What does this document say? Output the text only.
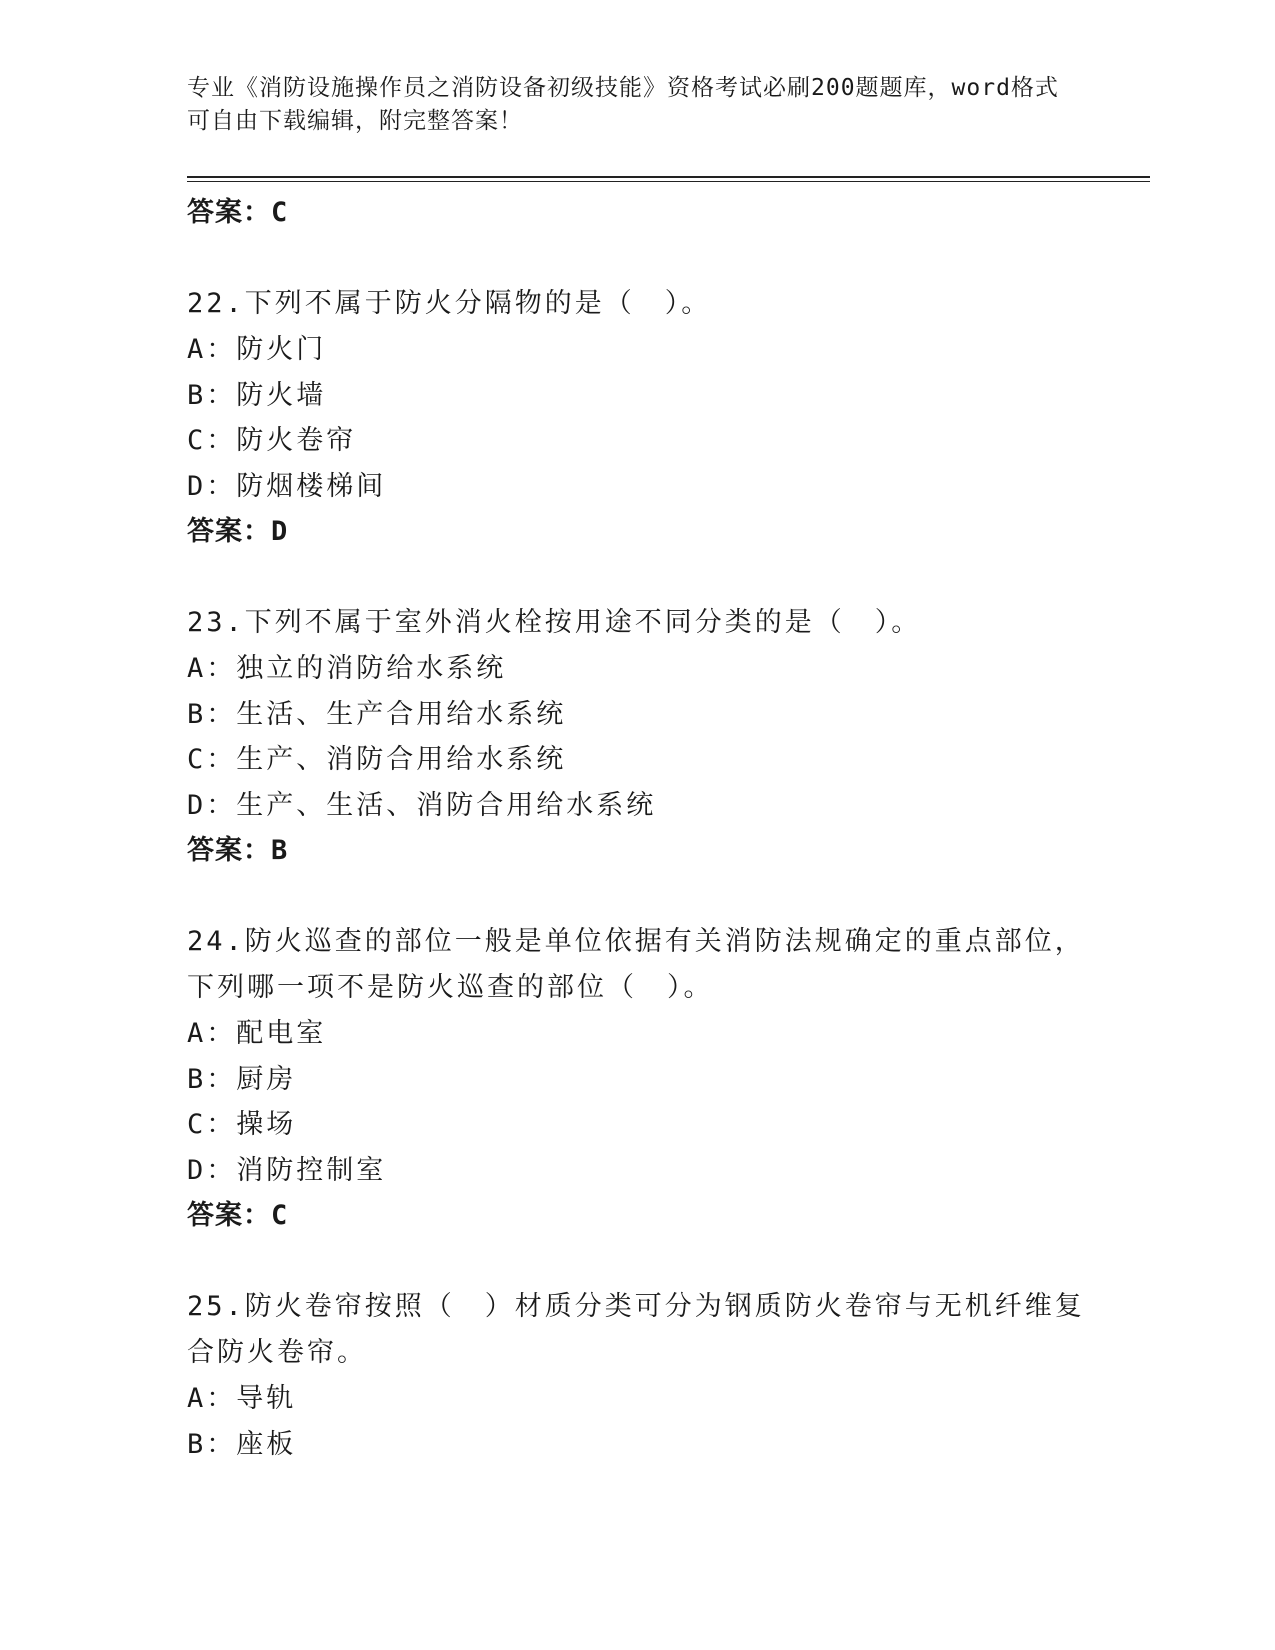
专业《消防设施操作员之消防设备初级技能》资格考试必刷200题题库，word格式可自由下载编辑，附完整答案！

答案：C

22.下列不属于防火分隔物的是（　）。

A：防火门

B：防火墙

C：防火卷帘

D：防烟楼梯间

答案：D

23.下列不属于室外消火栓按用途不同分类的是（　）。

A：独立的消防给水系统

B：生活、生产合用给水系统

C：生产、消防合用给水系统

D：生产、生活、消防合用给水系统

答案：B

24.防火巡查的部位一般是单位依据有关消防法规确定的重点部位，下列哪一项不是防火巡查的部位（　）。

A：配电室

B：厨房

C：操场

D：消防控制室

答案：C

25.防火卷帘按照（　）材质分类可分为钢质防火卷帘与无机纤维复合防火卷帘。

A：导轨

B：座板
